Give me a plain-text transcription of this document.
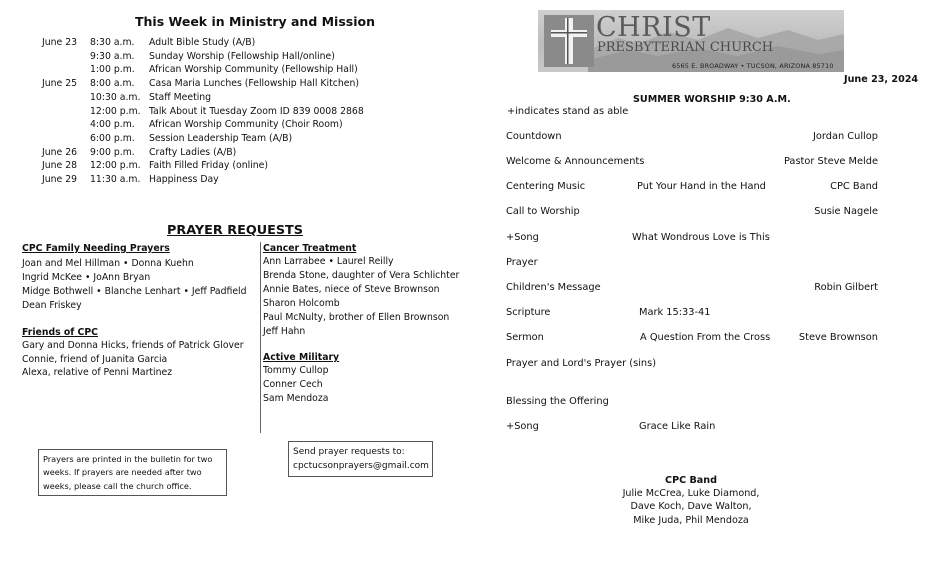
This Week in Ministry and Mission
June 23 8:30 a.m. Adult Bible Study (A/B)
9:30 a.m. Sunday Worship (Fellowship Hall/online)
1:00 p.m. African Worship Community (Fellowship Hall)
June 25 8:00 a.m. Casa Maria Lunches (Fellowship Hall Kitchen)
10:30 a.m. Staff Meeting
12:00 p.m. Talk About it Tuesday Zoom ID 839 0008 2868
4:00 p.m. African Worship Community (Choir Room)
6:00 p.m. Session Leadership Team (A/B)
June 26 9:00 p.m. Crafty Ladies (A/B)
June 28 12:00 p.m. Faith Filled Friday (online)
June 29 11:30 a.m. Happiness Day
PRAYER REQUESTS
CPC Family Needing Prayers
Joan and Mel Hillman • Donna Kuehn
Ingrid McKee • JoAnn Bryan
Midge Bothwell • Blanche Lenhart • Jeff Padfield
Dean Friskey
Friends of CPC
Gary and Donna Hicks, friends of Patrick Glover
Connie, friend of Juanita Garcia
Alexa, relative of Penni Martinez
Cancer Treatment
Ann Larrabee • Laurel Reilly
Brenda Stone, daughter of Vera Schlichter
Annie Bates, niece of Steve Brownson
Sharon Holcomb
Paul McNulty, brother of Ellen Brownson
Jeff Hahn
Active Military
Tommy Cullop
Conner Cech
Sam Mendoza
Prayers are printed in the bulletin for two
weeks. If prayers are needed after two
weeks, please call the church office.
Send prayer requests to:
cpctucsonprayers@gmail.com
CHRIST
PRESBYTERIAN CHURCH
6565 E. BROADWAY • TUCSON, ARIZONA 85710
June 23, 2024
SUMMER WORSHIP 9:30 A.M.
+indicates stand as able
Countdown	Jordan Cullop
Welcome & Announcements	Pastor Steve Melde
Centering Music	Put Your Hand in the Hand	CPC Band
Call to Worship	Susie Nagele
+Song	What Wondrous Love is This
Prayer
Children's Message	Robin Gilbert
Scripture	Mark 15:33-41
Sermon	A Question From the Cross	Steve Brownson
Prayer and Lord's Prayer (sins)
Blessing the Offering
+Song	Grace Like Rain
CPC Band
Julie McCrea, Luke Diamond,
Dave Koch, Dave Walton,
Mike Juda, Phil Mendoza
